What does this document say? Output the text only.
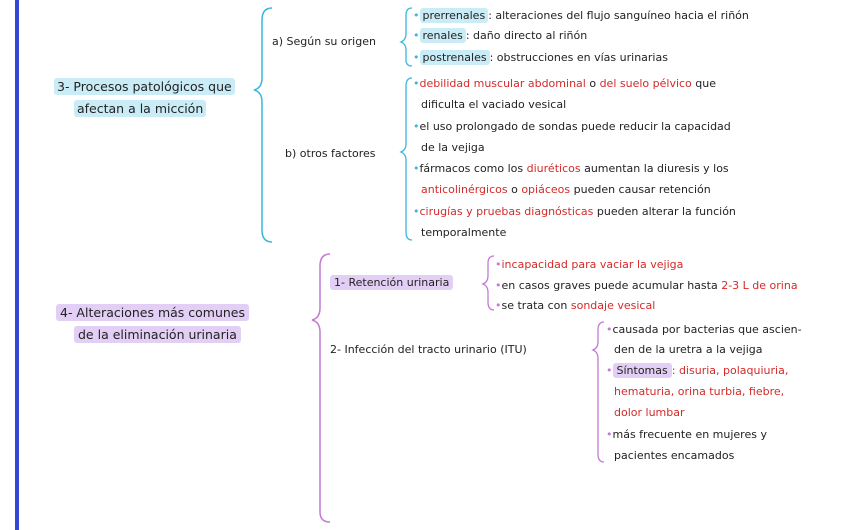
3- Procesos patológicos que
afectan a la micción
a) Según su origen
• prerrenales : alteraciones del flujo sanguíneo hacia el riñón
• renales : daño directo al riñón
• postrenales : obstrucciones en vías urinarias
b) otros factores
•debilidad muscular abdominal o del suelo pélvico que
dificulta el vaciado vesical
•el uso prolongado de sondas puede reducir la capacidad
de la vejiga
•fármacos como los diuréticos aumentan la diuresis y los
anticolinérgicos o opiáceos pueden causar retención
•cirugías y pruebas diagnósticas pueden alterar la función
temporalmente
4- Alteraciones más comunes
de la eliminación urinaria
1- Retención urinaria
•incapacidad para vaciar la vejiga
•en casos graves puede acumular hasta 2-3 L de orina
•se trata con sondaje vesical
2- Infección del tracto urinario (ITU)
•causada por bacterias que ascien-
den de la uretra a la vejiga
• Síntomas : disuria, polaquiuria,
hematuria, orina turbia, fiebre,
dolor lumbar
•más frecuente en mujeres y
pacientes encamados
